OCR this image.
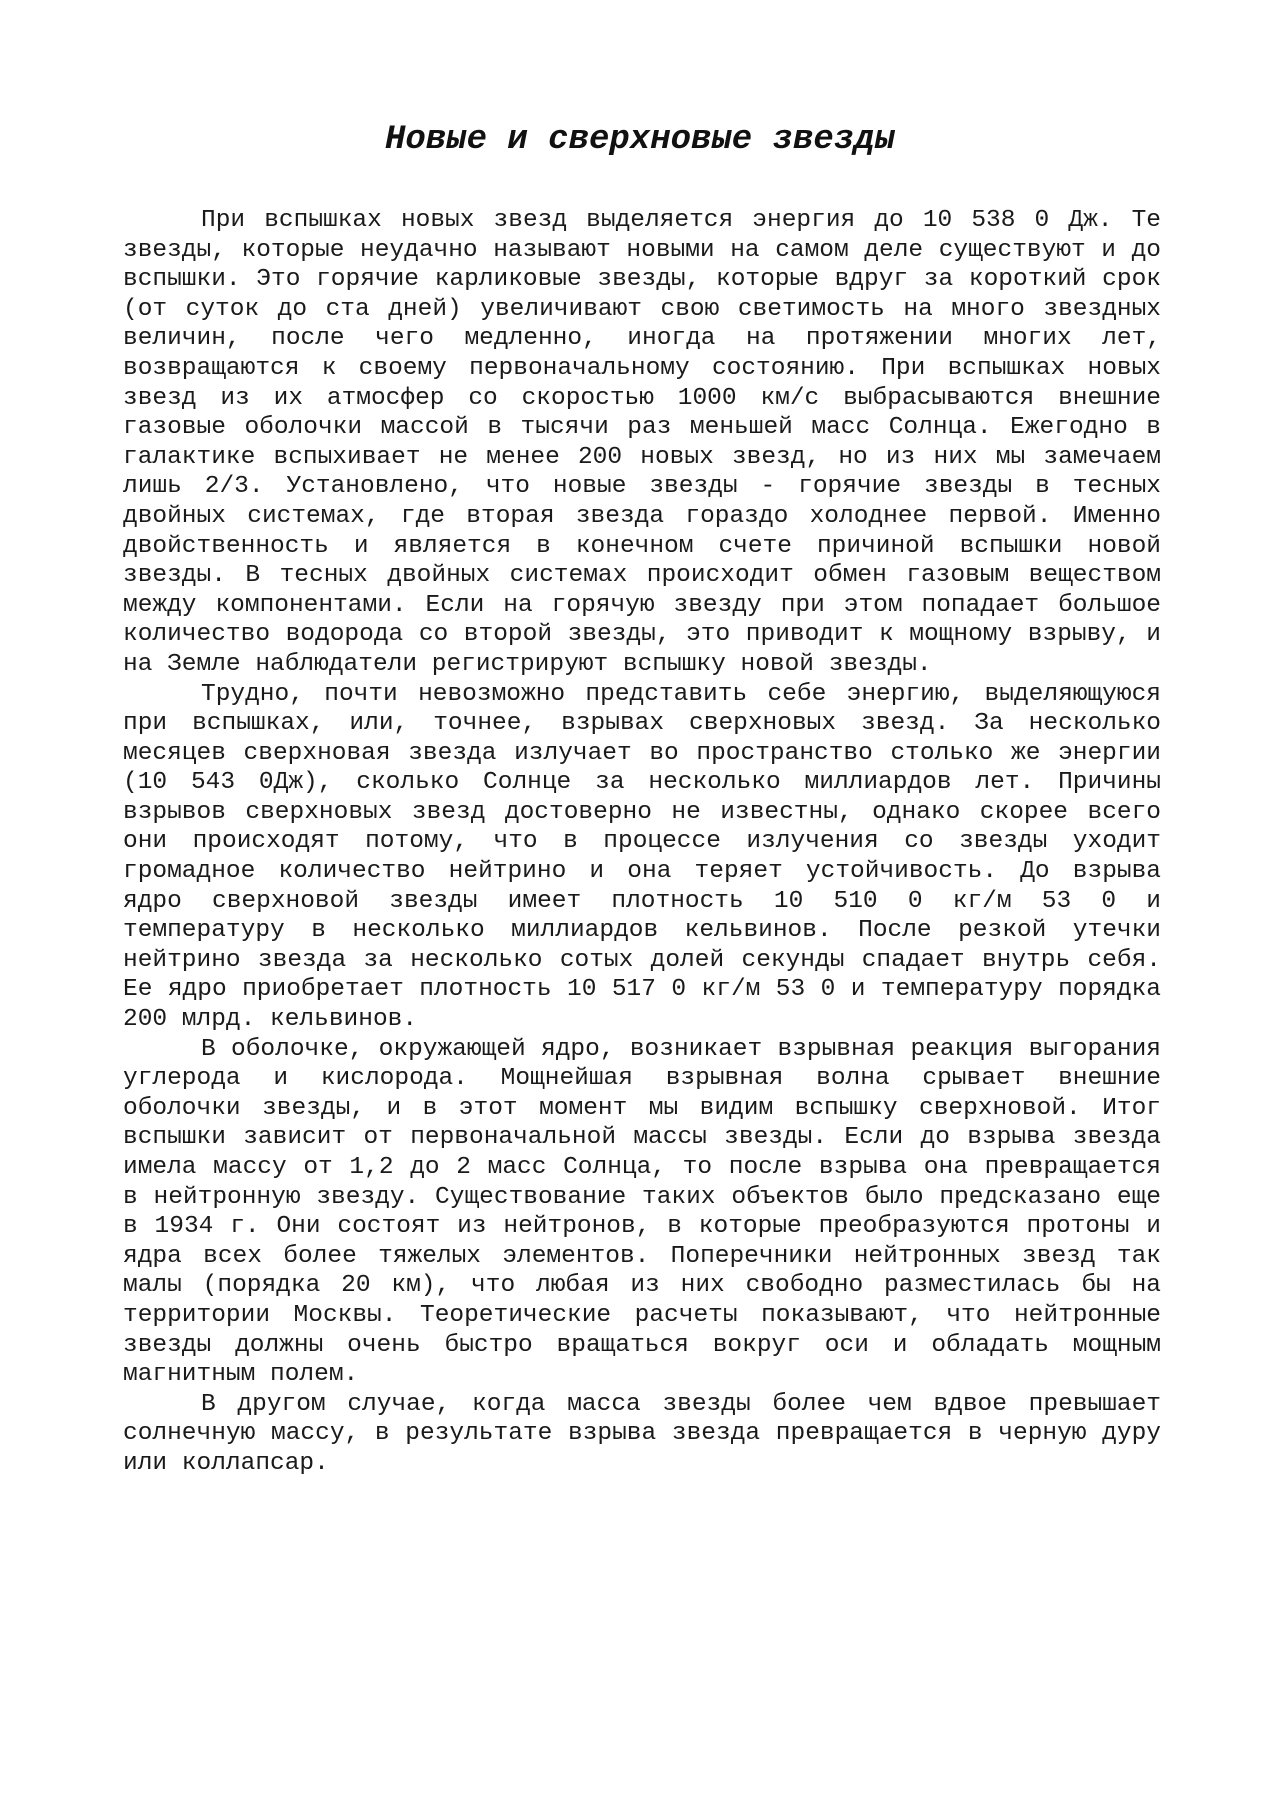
Новые и сверхновые звезды

При вспышках новых звезд выделяется энергия до 10 538 0 Дж. Те звезды, которые неудачно называют новыми на самом деле существуют и до вспышки. Это горячие карликовые звезды, которые вдруг за короткий срок (от суток до ста дней) увеличивают свою светимость на много звездных величин, после чего медленно, иногда на протяжении многих лет, возвращаются к своему первоначальному состоянию. При вспышках новых звезд из их атмосфер со скоростью 1000 км/с выбрасываются внешние газовые оболочки массой в тысячи раз меньшей масс Солнца. Ежегодно в галактике вспыхивает не менее 200 новых звезд, но из них мы замечаем лишь 2/3. Установлено, что новые звезды - горячие звезды в тесных двойных системах, где вторая звезда гораздо холоднее первой. Именно двойственность и является в конечном счете причиной вспышки новой звезды. В тесных двойных системах происходит обмен газовым веществом между компонентами. Если на горячую звезду при этом попадает большое количество водорода со второй звезды, это приводит к мощному взрыву, и на Земле наблюдатели регистрируют вспышку новой звезды.

Трудно, почти невозможно представить себе энергию, выделяющуюся при вспышках, или, точнее, взрывах сверхновых звезд. За несколько месяцев сверхновая звезда излучает во пространство столько же энергии (10 543 0Дж), сколько Солнце за несколько миллиардов лет. Причины взрывов сверхновых звезд достоверно не известны, однако скорее всего они происходят потому, что в процессе излучения со звезды уходит громадное количество нейтрино и она теряет устойчивость. До взрыва ядро сверхновой звезды имеет плотность 10 510 0 кг/м 53 0 и температуру в несколько миллиардов кельвинов. После резкой утечки нейтрино звезда за несколько сотых долей секунды спадает внутрь себя. Ее ядро приобретает плотность 10 517 0 кг/м 53 0 и температуру порядка 200 млрд. кельвинов.

В оболочке, окружающей ядро, возникает взрывная реакция выгорания углерода и кислорода. Мощнейшая взрывная волна срывает внешние оболочки звезды, и в этот момент мы видим вспышку сверхновой. Итог вспышки зависит от первоначальной массы звезды. Если до взрыва звезда имела массу от 1,2 до 2 масс Солнца, то после взрыва она превращается в нейтронную звезду. Существование таких объектов было предсказано еще в 1934 г. Они состоят из нейтронов, в которые преобразуются протоны и ядра всех более тяжелых элементов. Поперечники нейтронных звезд так малы (порядка 20 км), что любая из них свободно разместилась бы на территории Москвы. Теоретические расчеты показывают, что нейтронные звезды должны очень быстро вращаться вокруг оси и обладать мощным магнитным полем.

В другом случае, когда масса звезды более чем вдвое превышает солнечную массу, в результате взрыва звезда превращается в черную дуру или коллапсар.
